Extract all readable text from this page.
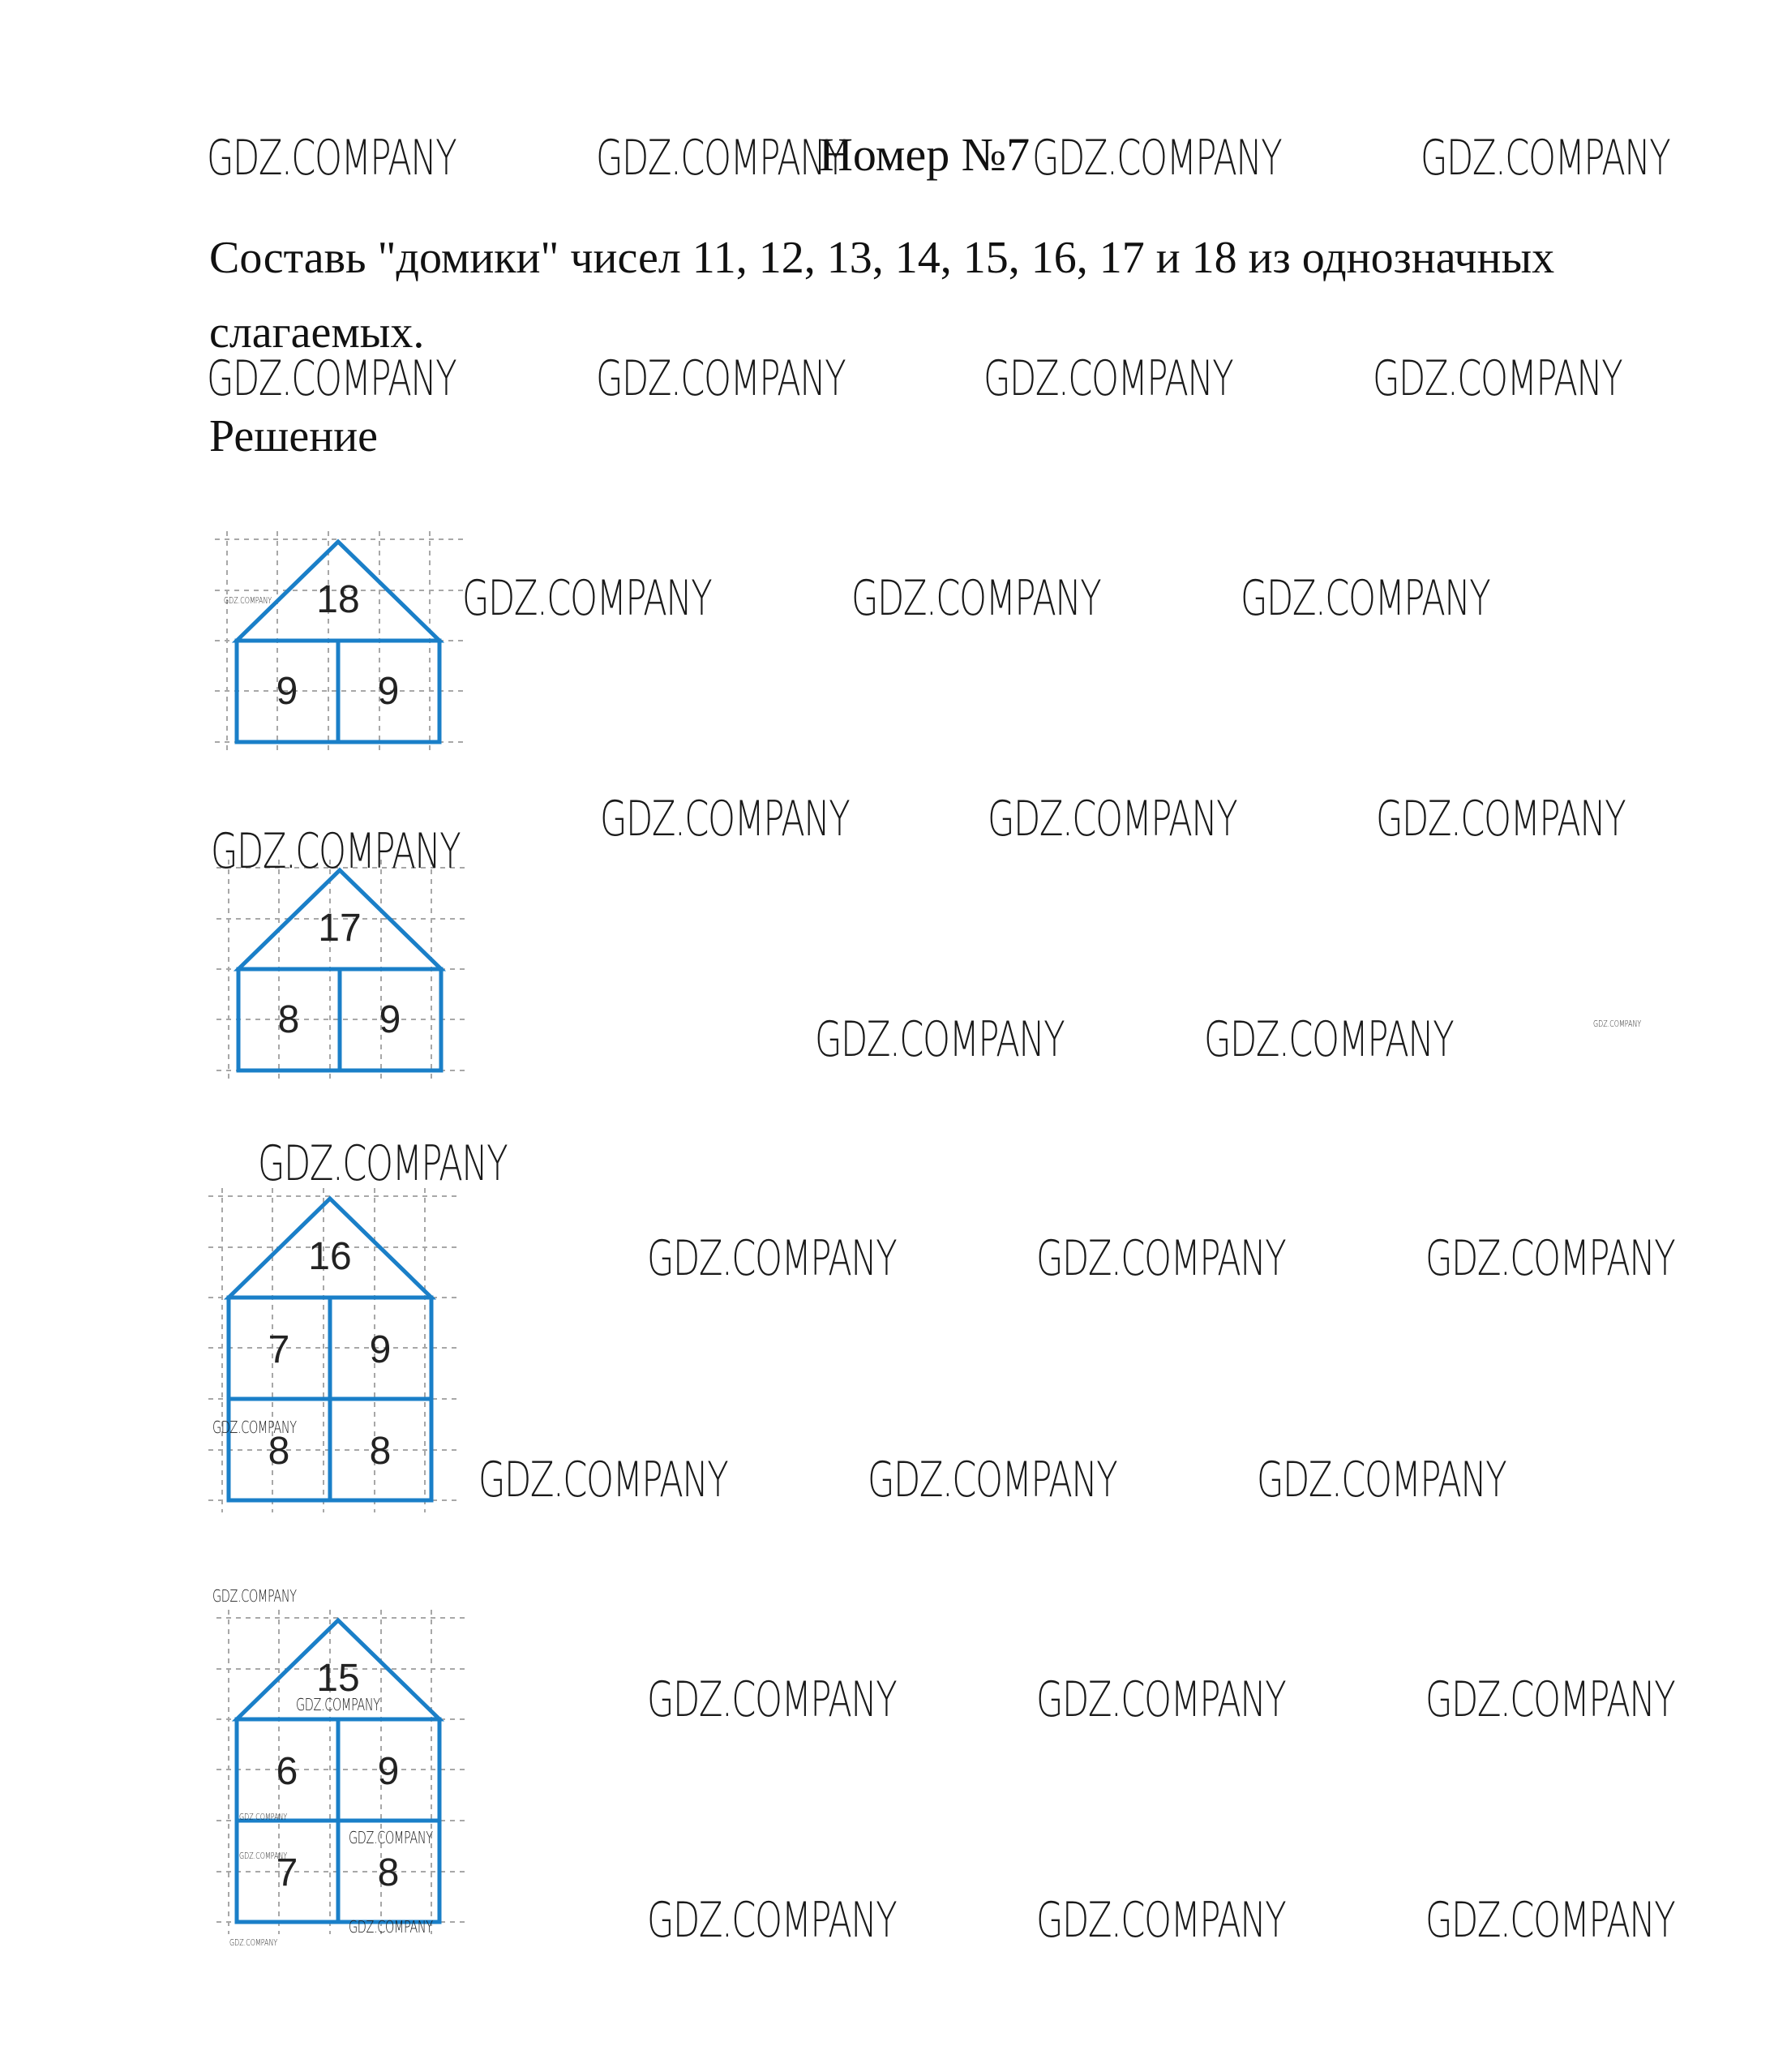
Номер №7
Составь "домики" чисел 11, 12, 13, 14, 15, 16, 17 и 18 из однозначных
слагаемых.
Решение
18
9 9
17
8 9
16
7 9
8 8
15
6 9
7 8
GDZ.COMPANY	GDZ.COMPANY	GDZ.COMPANY	GDZ.COMPANY
GDZ.COMPANY	GDZ.COMPANY	GDZ.COMPANY	GDZ.COMPANY
GDZ.COMPANY	GDZ.COMPANY	GDZ.COMPANY
GDZ.COMPANY	GDZ.COMPANY	GDZ.COMPANY
GDZ.COMPANY
GDZ.COMPANY	GDZ.COMPANY
GDZ.COMPANY
GDZ.COMPANY	GDZ.COMPANY	GDZ.COMPANY
GDZ.COMPANY	GDZ.COMPANY	GDZ.COMPANY
GDZ.COMPANY	GDZ.COMPANY	GDZ.COMPANY
GDZ.COMPANY	GDZ.COMPANY	GDZ.COMPANY
GDZ.COMPANY
GDZ.COMPANY
GDZ.COMPANY
GDZ.COMPANY
GDZ.COMPANY
GDZ.COMPANY
GDZ.COMPANY
GDZ.COMPANY
GDZ.COMPANY
GDZ.COMPANY
